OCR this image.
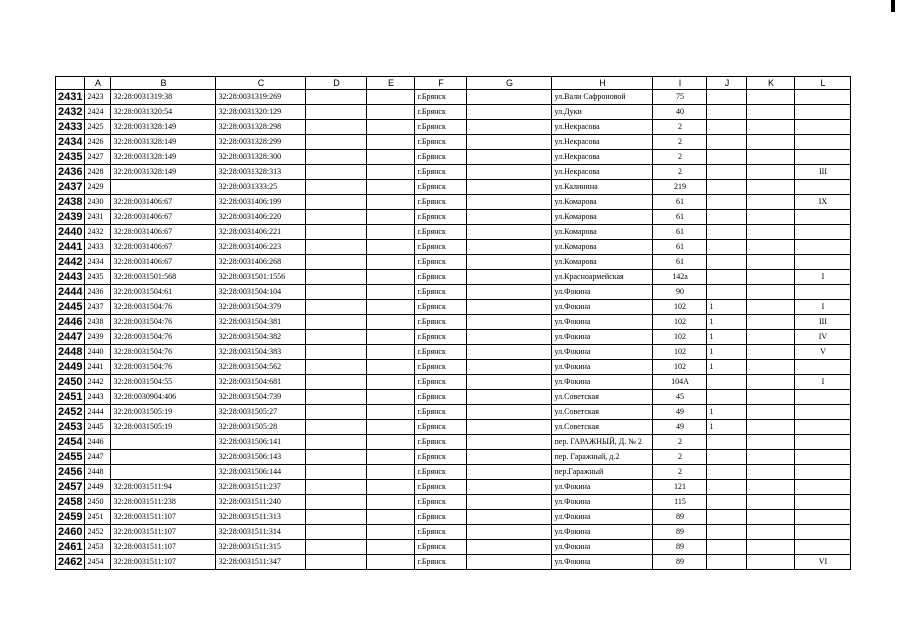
	A	B	C	D	E	F	G	H	I	J	K	L
2431	2423	32:28:0031319:38	32:28:0031319:269			г.Брянск		ул.Вали Сафроновой	75			
2432	2424	32:28:0031320:54	32:28:0031320:129			г.Брянск		ул.Дуки	40			
2433	2425	32:28:0031328:149	32:28:0031328:298			г.Брянск		ул.Некрасова	2			
2434	2426	32:28:0031328:149	32:28:0031328:299			г.Брянск		ул.Некрасова	2			
2435	2427	32:28:0031328:149	32:28:0031328:300			г.Брянск		ул.Некрасова	2			
2436	2428	32:28:0031328:149	32:28:0031328:313			г.Брянск		ул.Некрасова	2			III
2437	2429		32:28:0031333:25			г.Брянск		ул.Калинина	219			
2438	2430	32:28:0031406:67	32:28:0031406:199			г.Брянск		ул.Комарова	61			IX
2439	2431	32:28:0031406:67	32:28:0031406:220			г.Брянск		ул.Комарова	61			
2440	2432	32:28:0031406:67	32:28:0031406:221			г.Брянск		ул.Комарова	61			
2441	2433	32:28:0031406:67	32:28:0031406:223			г.Брянск		ул.Комарова	61			
2442	2434	32:28:0031406:67	32:28:0031406:268			г.Брянск		ул.Комарова	61			
2443	2435	32:28:0031501:568	32:28:0031501:1556			г.Брянск		ул.Красноармейская	142а			I
2444	2436	32:28:0031504:61	32:28:0031504:104			г.Брянск		ул.Фокина	90			
2445	2437	32:28:0031504:76	32:28:0031504:379			г.Брянск		ул.Фокина	102	1		I
2446	2438	32:28:0031504:76	32:28:0031504:381			г.Брянск		ул.Фокина	102	1		III
2447	2439	32:28:0031504:76	32:28:0031504:382			г.Брянск		ул.Фокина	102	1		IV
2448	2440	32:28:0031504:76	32:28:0031504:383			г.Брянск		ул.Фокина	102	1		V
2449	2441	32:28:0031504:76	32:28:0031504:562			г.Брянск		ул.Фокина	102	1		
2450	2442	32:28:0031504:55	32:28:0031504:681			г.Брянск		ул.Фокина	104А			I
2451	2443	32:28:0030904:406	32:28:0031504:739			г.Брянск		ул.Советская	45			
2452	2444	32:28:0031505:19	32:28:0031505:27			г.Брянск		ул.Советская	49	1		
2453	2445	32:28:0031505:19	32:28:0031505:28			г.Брянск		ул.Советская	49	1		
2454	2446		32:28:0031506:141			г.Брянск		пер. ГАРАЖНЫЙ, Д. № 2	2			
2455	2447		32:28:0031506:143			г.Брянск		пер. Гаражный, д.2	2			
2456	2448		32:28:0031506:144			г.Брянск		пер.Гаражный	2			
2457	2449	32:28:0031511:94	32:28:0031511:237			г.Брянск		ул.Фокина	121			
2458	2450	32:28:0031511:238	32:28:0031511:240			г.Брянск		ул.Фокина	115			
2459	2451	32:28:0031511:107	32:28:0031511:313			г.Брянск		ул.Фокина	89			
2460	2452	32:28:0031511:107	32:28:0031511:314			г.Брянск		ул.Фокина	89			
2461	2453	32:28:0031511:107	32:28:0031511:315			г.Брянск		ул.Фокина	89			
2462	2454	32:28:0031511:107	32:28:0031511:347			г.Брянск		ул.Фокина	89			VI
